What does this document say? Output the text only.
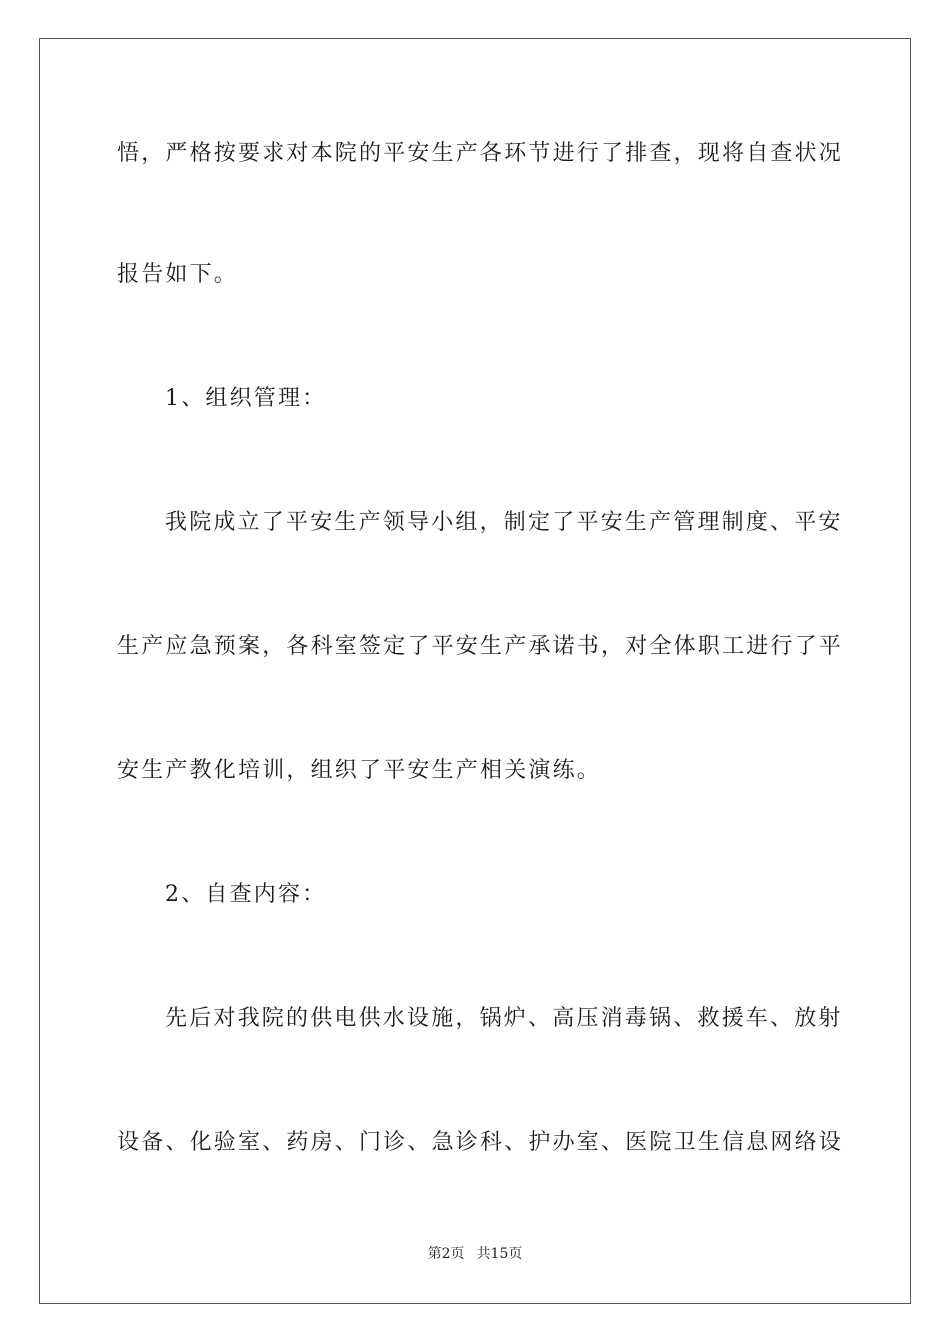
悟，严格按要求对本院的平安生产各环节进行了排查，现将自查状况
报告如下。
1、组织管理：
我院成立了平安生产领导小组，制定了平安生产管理制度、平安
生产应急预案，各科室签定了平安生产承诺书，对全体职工进行了平
安生产教化培训，组织了平安生产相关演练。
2、自查内容：
先后对我院的供电供水设施，锅炉、高压消毒锅、救援车、放射
设备、化验室、药房、门诊、急诊科、护办室、医院卫生信息网络设
第2页 共15页
